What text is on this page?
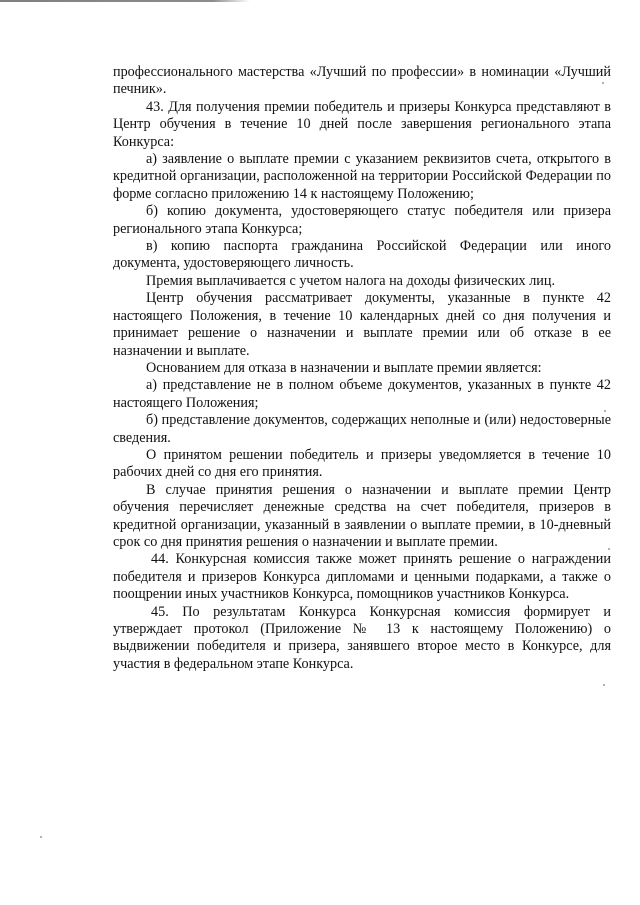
профессионального мастерства «Лучший по профессии» в номинации «Лучший печник».

43. Для получения премии победитель и призеры Конкурса представляют в Центр обучения в течение 10 дней после завершения регионального этапа Конкурса:

а) заявление о выплате премии с указанием реквизитов счета, открытого в кредитной организации, расположенной на территории Российской Федерации по форме согласно приложению 14 к настоящему Положению;

б) копию документа, удостоверяющего статус победителя или призера регионального этапа Конкурса;

в) копию паспорта гражданина Российской Федерации или иного документа, удостоверяющего личность.

Премия выплачивается с учетом налога на доходы физических лиц.

Центр обучения рассматривает документы, указанные в пункте 42 настоящего Положения, в течение 10 календарных дней со дня получения и принимает решение о назначении и выплате премии или об отказе в ее назначении и выплате.

Основанием для отказа в назначении и выплате премии является:

а) представление не в полном объеме документов, указанных в пункте 42 настоящего Положения;

б) представление документов, содержащих неполные и (или) недостоверные сведения.

О принятом решении победитель и призеры уведомляется в течение 10 рабочих дней со дня его принятия.

В случае принятия решения о назначении и выплате премии Центр обучения перечисляет денежные средства на счет победителя, призеров в кредитной организации, указанный в заявлении о выплате премии, в 10-дневный срок со дня принятия решения о назначении и выплате премии.

44. Конкурсная комиссия также может принять решение о награждении победителя и призеров Конкурса дипломами и ценными подарками, а также о поощрении иных участников Конкурса, помощников участников Конкурса.

45. По результатам Конкурса Конкурсная комиссия формирует и утверждает протокол (Приложение № 13 к настоящему Положению) о выдвижении победителя и призера, занявшего второе место в Конкурсе, для участия в федеральном этапе Конкурса.
